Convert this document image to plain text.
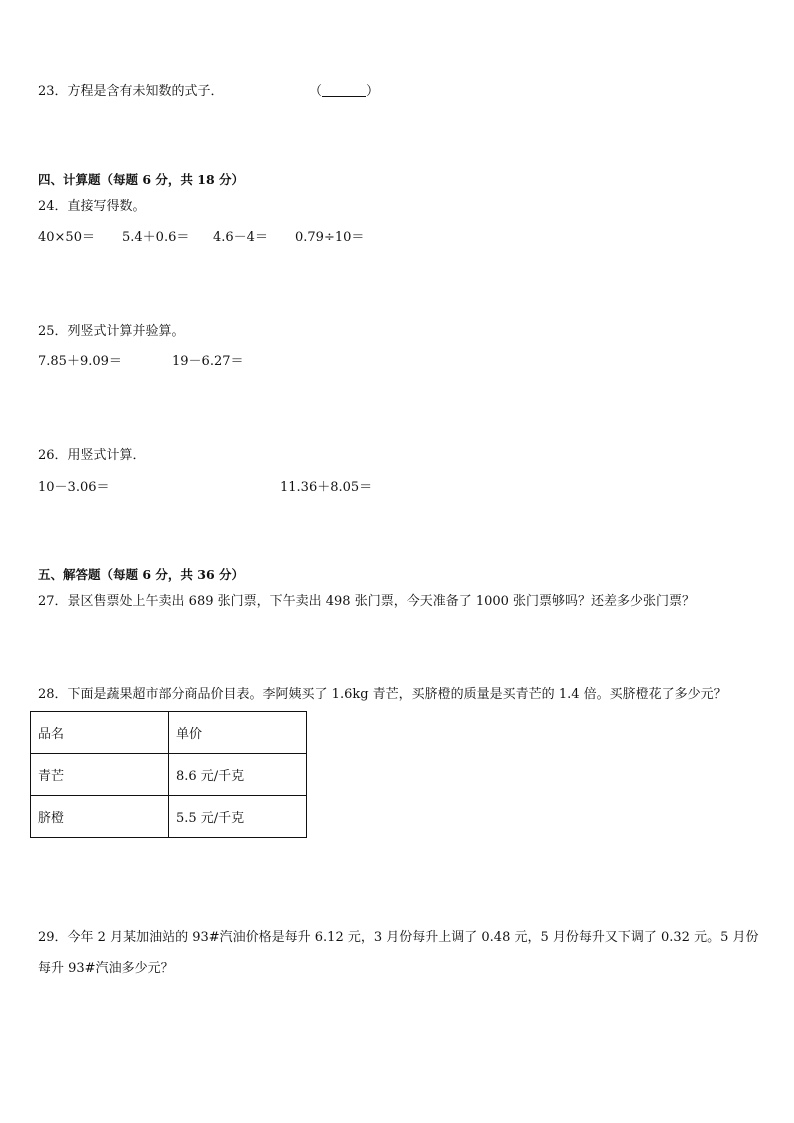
23．方程是含有未知数的式子．	（	）
四、计算题（每题 6 分，共 18 分）
24．直接写得数。
40×50＝ 5.4＋0.6＝ 4.6－4＝ 0.79÷10＝
25．列竖式计算并验算。
7.85＋9.09＝	19－6.27＝
26．用竖式计算．
10－3.06＝	11.36＋8.05＝
五、解答题（每题 6 分，共 36 分）
27．景区售票处上午卖出 689 张门票，下午卖出 498 张门票，今天准备了 1000 张门票够吗？还差多少张门票？
28．下面是蔬果超市部分商品价目表。李阿姨买了 1.6kg 青芒，买脐橙的质量是买青芒的 1.4 倍。买脐橙花了多少元？
品名	单价
青芒	8.6 元/千克
脐橙	5.5 元/千克
29．今年 2 月某加油站的 93#汽油价格是每升 6.12 元，3 月份每升上调了 0.48 元，5 月份每升又下调了 0.32 元。5 月份
每升 93#汽油多少元？
